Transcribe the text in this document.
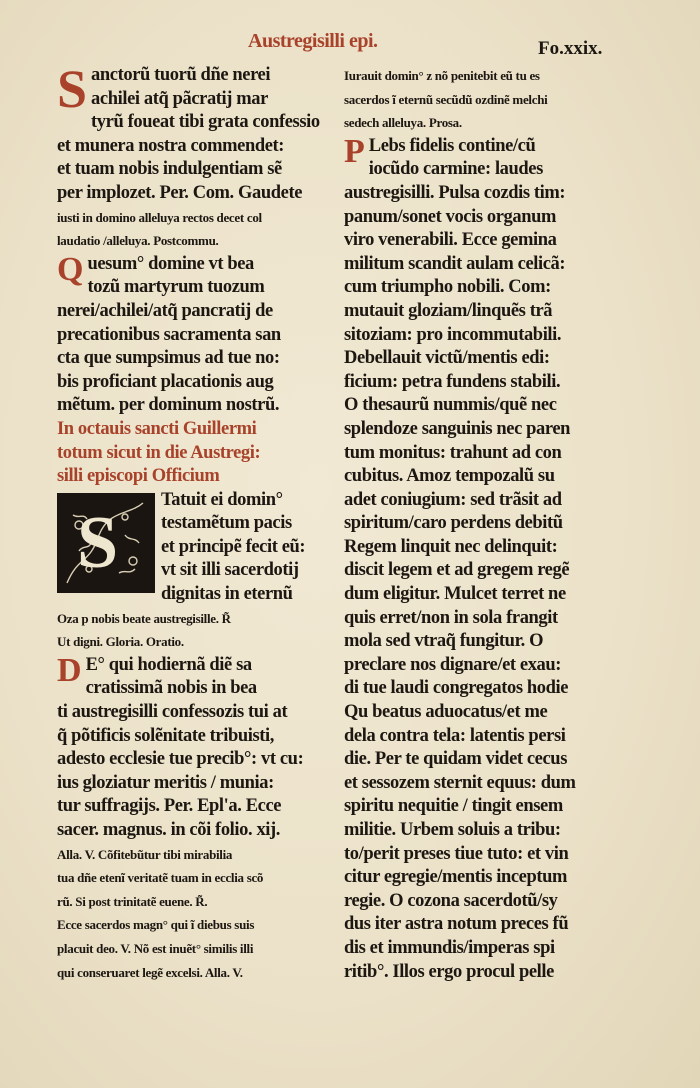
Austregisilli epi.	Fo.xxix.
S anctorũ tuorũ dñe nerei
achilei atq̃ pãcratij mar
tyrũ foueat tibi grata confessio
et munera nostra commendet:
et tuam nobis indulgentiam sẽ
per implozet. Per. Com. Gaudete
iusti in domino alleluya rectos decet col
laudatio /alleluya. Postcommu.
Q uesum° domine vt bea
tozũ martyrum tuozum
nerei/achilei/atq̃ pancratij de
precationibus sacramenta san
cta que sumpsimus ad tue no:
bis proficiant placationis aug
mẽtum. per dominum nostrũ.
In octauis sancti Guillermi
totum sicut in die Austregi:
silli episcopi Officium
S
Tatuit ei domin°
testamẽtum pacis
et principẽ fecit eũ:
vt sit illi sacerdotij
dignitas in eternũ
Oza p nobis beate austregisille. R̃
Ut digni. Gloria. Oratio.
D E° qui hodiernã diẽ sa
cratissimã nobis in bea
ti austregisilli confessozis tui at
q̃ põtificis solẽnitate tribuisti,
adesto ecclesie tue precib°: vt cu:
ius gloziatur meritis / munia:
tur suffragijs. Per. Epl'a. Ecce
sacer. magnus. in cõi folio. xij.
Alla. V. Cõfitebũtur tibi mirabilia
tua dñe etenĩ veritatẽ tuam in ecclia scõ
rũ. Si post trinitatẽ euene. R̃.
Ecce sacerdos magn° qui ĩ diebus suis
placuit deo. V. Nõ est inuẽt° similis illi
qui conseruaret legẽ excelsi. Alla. V.
Iurauit domin° z nõ penitebit eũ tu es
sacerdos ĩ eternũ secũdũ ozdinẽ melchi
sedech alleluya. Prosa.
P Lebs fidelis contine/cũ
iocũdo carmine: laudes
austregisilli. Pulsa cozdis tim:
panum/sonet vocis organum
viro venerabili. Ecce gemina
militum scandit aulam celicã:
cum triumpho nobili. Com:
mutauit gloziam/linquẽs trã
sitoziam: pro incommutabili.
Debellauit victũ/mentis edi:
ficium: petra fundens stabili.
O thesaurũ nummis/quẽ nec
splendoze sanguinis nec paren
tum monitus: trahunt ad con
cubitus. Amoz tempozalũ su
adet coniugium: sed trãsit ad
spiritum/caro perdens debitũ
Regem linquit nec delinquit:
discit legem et ad gregem regẽ
dum eligitur. Mulcet terret ne
quis erret/non in sola frangit
mola sed vtraq̃ fungitur. O
preclare nos dignare/et exau:
di tue laudi congregatos hodie
Qu beatus aduocatus/et me
dela contra tela: latentis persi
die. Per te quidam videt cecus
et sessozem sternit equus: dum
spiritu nequitie / tingit ensem
militie. Urbem soluis a tribu:
to/perit preses tiue tuto: et vin
citur egregie/mentis inceptum
regie. O cozona sacerdotũ/sy
dus iter astra notum preces fũ
dis et immundis/imperas spi
ritib°. Illos ergo procul pelle
